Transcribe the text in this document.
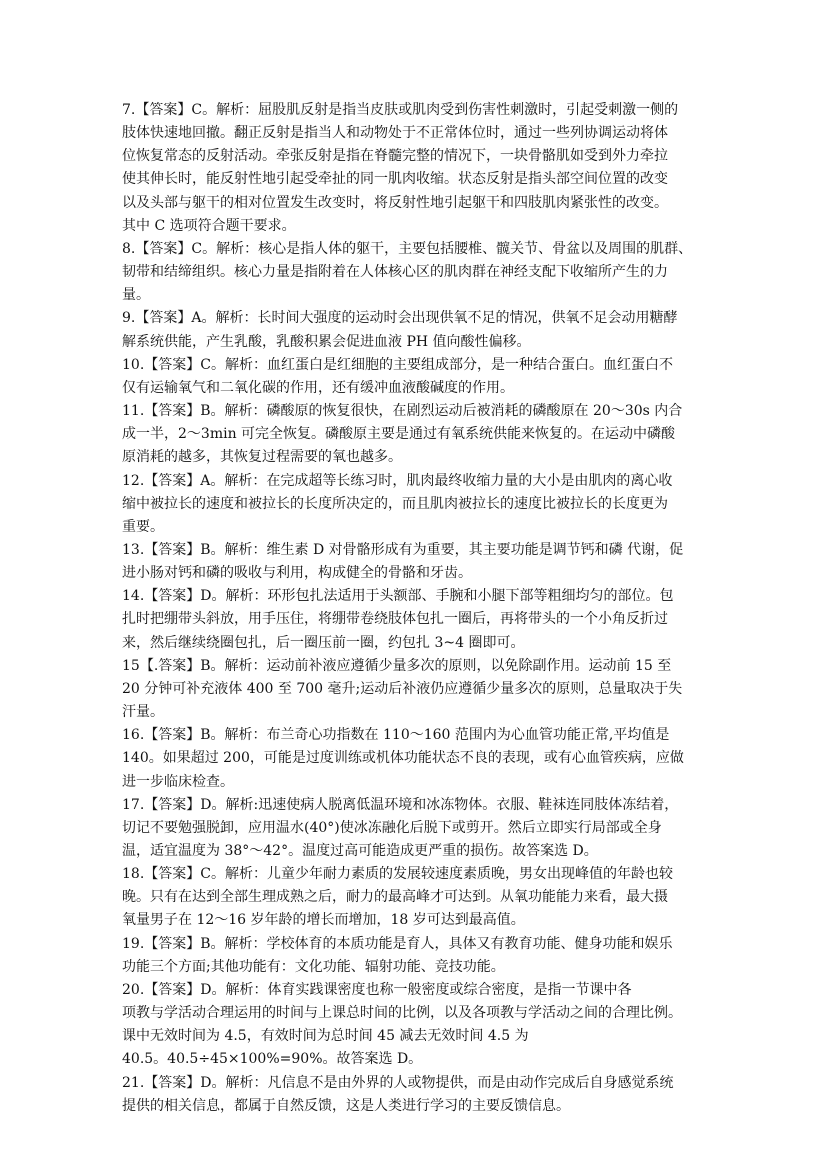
7.【答案】C。解析：屈股肌反射是指当皮肤或肌肉受到伤害性刺激时，引起受刺激一侧的
肢体快速地回撤。翻正反射是指当人和动物处于不正常体位时，通过一些列协调运动将体
位恢复常态的反射活动。牵张反射是指在脊髓完整的情况下，一块骨骼肌如受到外力牵拉
使其伸长时，能反射性地引起受牵扯的同一肌肉收缩。状态反射是指头部空间位置的改变
以及头部与躯干的相对位置发生改变时，将反射性地引起躯干和四肢肌肉紧张性的改变。
其中 C 选项符合题干要求。
8.【答案】C。解析：核心是指人体的躯干，主要包括腰椎、髋关节、骨盆以及周围的肌群、
韧带和结缔组织。核心力量是指附着在人体核心区的肌肉群在神经支配下收缩所产生的力
量。
9.【答案】A。解析：长时间大强度的运动时会出现供氧不足的情况，供氧不足会动用糖酵
解系统供能，产生乳酸，乳酸积累会促进血液 PH 值向酸性偏移。
10.【答案】C。解析：血红蛋白是红细胞的主要组成部分，是一种结合蛋白。血红蛋白不
仅有运输氧气和二氧化碳的作用，还有缓冲血液酸碱度的作用。
11.【答案】B。解析：磷酸原的恢复很快，在剧烈运动后被消耗的磷酸原在 20～30s 内合
成一半，2～3min 可完全恢复。磷酸原主要是通过有氧系统供能来恢复的。在运动中磷酸
原消耗的越多，其恢复过程需要的氧也越多。
12.【答案】A。解析：在完成超等长练习时，肌肉最终收缩力量的大小是由肌肉的离心收
缩中被拉长的速度和被拉长的长度所决定的，而且肌肉被拉长的速度比被拉长的长度更为
重要。
13.【答案】B。解析：维生素 D 对骨骼形成有为重要，其主要功能是调节钙和磷 代谢，促
进小肠对钙和磷的吸收与利用，构成健全的骨骼和牙齿。
14.【答案】D。解析：环形包扎法适用于头额部、手腕和小腿下部等粗细均匀的部位。包
扎时把绷带头斜放，用手压住，将绷带卷绕肢体包扎一圈后，再将带头的一个小角反折过
来，然后继续绕圈包扎，后一圈压前一圈，约包扎 3~4 圈即可。
15【.答案】B。解析：运动前补液应遵循少量多次的原则，以免除副作用。运动前 15 至
20 分钟可补充液体 400 至 700 毫升;运动后补液仍应遵循少量多次的原则，总量取决于失
汗量。
16.【答案】B。解析：布兰奇心功指数在 110～160 范围内为心血管功能正常,平均值是
140。如果超过 200，可能是过度训练或机体功能状态不良的表现，或有心血管疾病，应做
进一步临床检查。
17.【答案】D。解析:迅速使病人脱离低温环境和冰冻物体。衣服、鞋袜连同肢体冻结着，
切记不要勉强脱卸，应用温水(40°)使冰冻融化后脱下或剪开。然后立即实行局部或全身
温，适宜温度为 38°～42°。温度过高可能造成更严重的损伤。故答案选 D。
18.【答案】C。解析：儿童少年耐力素质的发展较速度素质晚，男女出现峰值的年龄也较
晚。只有在达到全部生理成熟之后，耐力的最高峰才可达到。从氧功能能力来看，最大摄
氧量男子在 12～16 岁年龄的增长而增加，18 岁可达到最高值。
19.【答案】B。解析：学校体育的本质功能是育人，具体又有教育功能、健身功能和娱乐
功能三个方面;其他功能有：文化功能、辐射功能、竞技功能。
20.【答案】D。解析：体育实践课密度也称一般密度或综合密度，是指一节课中各
项教与学活动合理运用的时间与上课总时间的比例，以及各项教与学活动之间的合理比例。
课中无效时间为 4.5，有效时间为总时间 45 减去无效时间 4.5 为
40.5。40.5÷45×100%=90%。故答案选 D。
21.【答案】D。解析：凡信息不是由外界的人或物提供，而是由动作完成后自身感觉系统
提供的相关信息，都属于自然反馈，这是人类进行学习的主要反馈信息。
